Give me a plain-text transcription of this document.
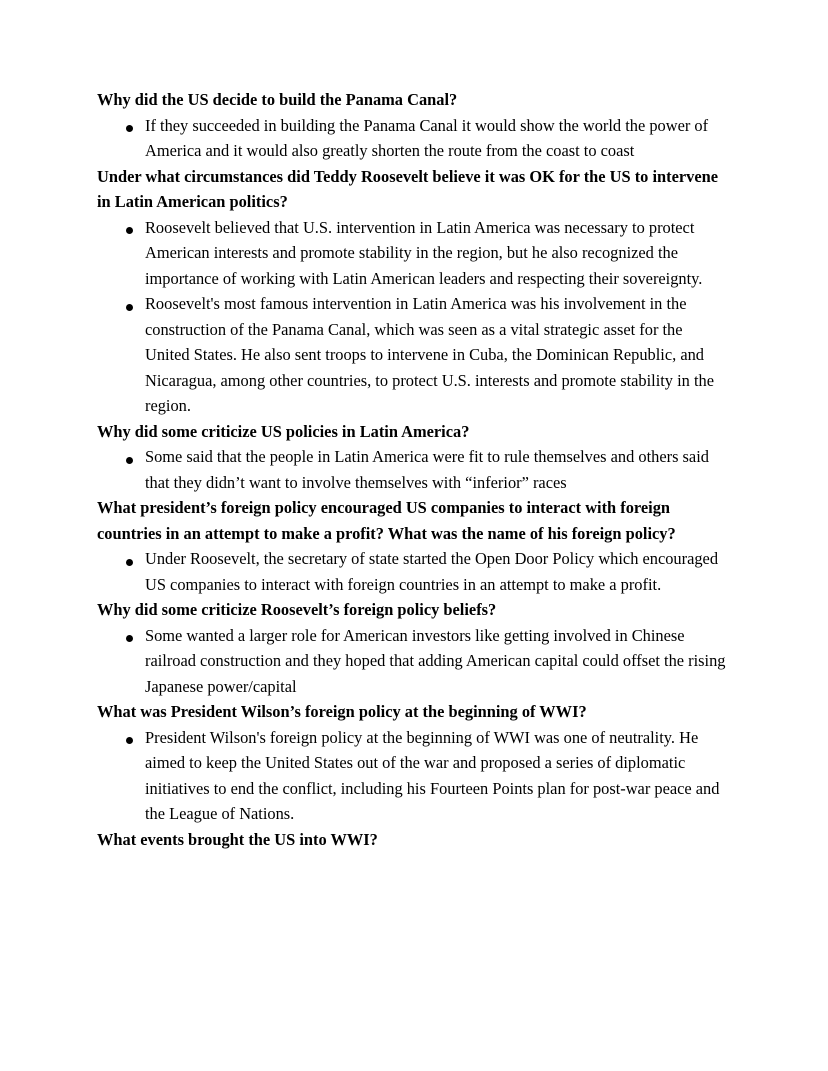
Why did the US decide to build the Panama Canal?
If they succeeded in building the Panama Canal it would show the world the power of America and it would also greatly shorten the route from the coast to coast
Under what circumstances did Teddy Roosevelt believe it was OK for the US to intervene in Latin American politics?
Roosevelt believed that U.S. intervention in Latin America was necessary to protect American interests and promote stability in the region, but he also recognized the importance of working with Latin American leaders and respecting their sovereignty.
Roosevelt's most famous intervention in Latin America was his involvement in the construction of the Panama Canal, which was seen as a vital strategic asset for the United States. He also sent troops to intervene in Cuba, the Dominican Republic, and Nicaragua, among other countries, to protect U.S. interests and promote stability in the region.
Why did some criticize US policies in Latin America?
Some said that the people in Latin America were fit to rule themselves and others said that they didn’t want to involve themselves with “inferior” races
What president’s foreign policy encouraged US companies to interact with foreign countries in an attempt to make a profit? What was the name of his foreign policy?
Under Roosevelt, the secretary of state started the Open Door Policy which encouraged US companies to interact with foreign countries in an attempt to make a profit.
Why did some criticize Roosevelt’s foreign policy beliefs?
Some wanted a larger role for American investors like getting involved in Chinese railroad construction and they hoped that adding American capital could offset the rising Japanese power/capital
What was President Wilson’s foreign policy at the beginning of WWI?
President Wilson's foreign policy at the beginning of WWI was one of neutrality. He aimed to keep the United States out of the war and proposed a series of diplomatic initiatives to end the conflict, including his Fourteen Points plan for post-war peace and the League of Nations.
What events brought the US into WWI?
